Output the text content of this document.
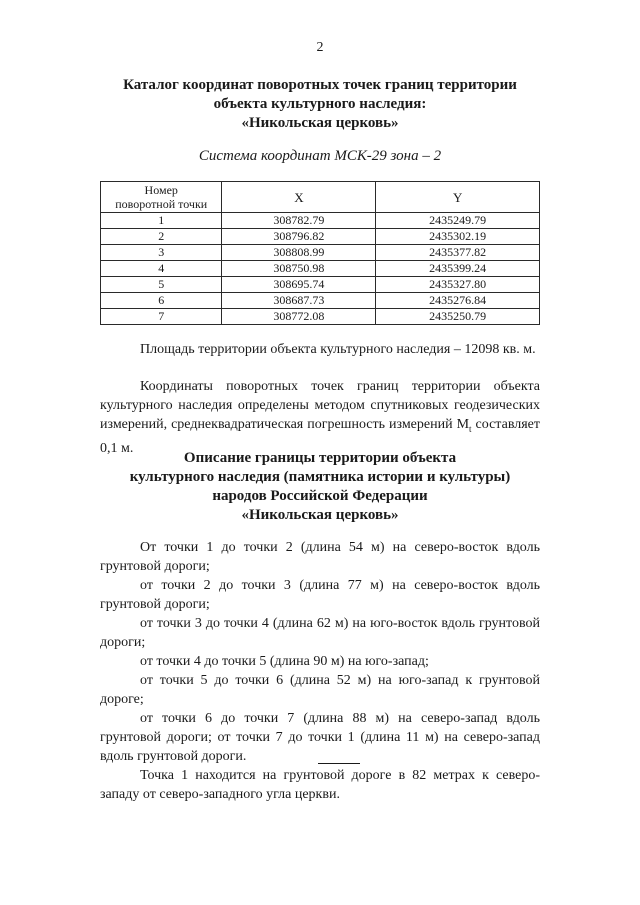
2
Каталог координат поворотных точек границ территории
объекта культурного наследия:
«Никольская церковь»
Система координат МСК-29 зона – 2
Номер
поворотной точки	X	Y
1	308782.79	2435249.79
2	308796.82	2435302.19
3	308808.99	2435377.82
4	308750.98	2435399.24
5	308695.74	2435327.80
6	308687.73	2435276.84
7	308772.08	2435250.79

Площадь территории объекта культурного наследия – 12098 кв. м.

Координаты поворотных точек границ территории объекта культурного наследия определены методом спутниковых геодезических измерений, среднеквадратическая погрешность измерений $M_t$ составляет 0,1 м.

Описание границы территории объекта
культурного наследия (памятника истории и культуры)
народов Российской Федерации
«Никольская церковь»

От точки 1 до точки 2 (длина 54 м) на северо-восток вдоль грунтовой дороги;

от точки 2 до точки 3 (длина 77 м) на северо-восток вдоль грунтовой дороги;

от точки 3 до точки 4 (длина 62 м) на юго-восток вдоль грунтовой дороги;

от точки 4 до точки 5 (длина 90 м) на юго-запад;

от точки 5 до точки 6 (длина 52 м) на юго-запад к грунтовой дороге;

от точки 6 до точки 7 (длина 88 м) на северо-запад вдоль грунтовой дороги; от точки 7 до точки 1 (длина 11 м) на северо-запад вдоль грунтовой дороги.

Точка 1 находится на грунтовой дороге в 82 метрах к северо-западу от северо-западного угла церкви.
